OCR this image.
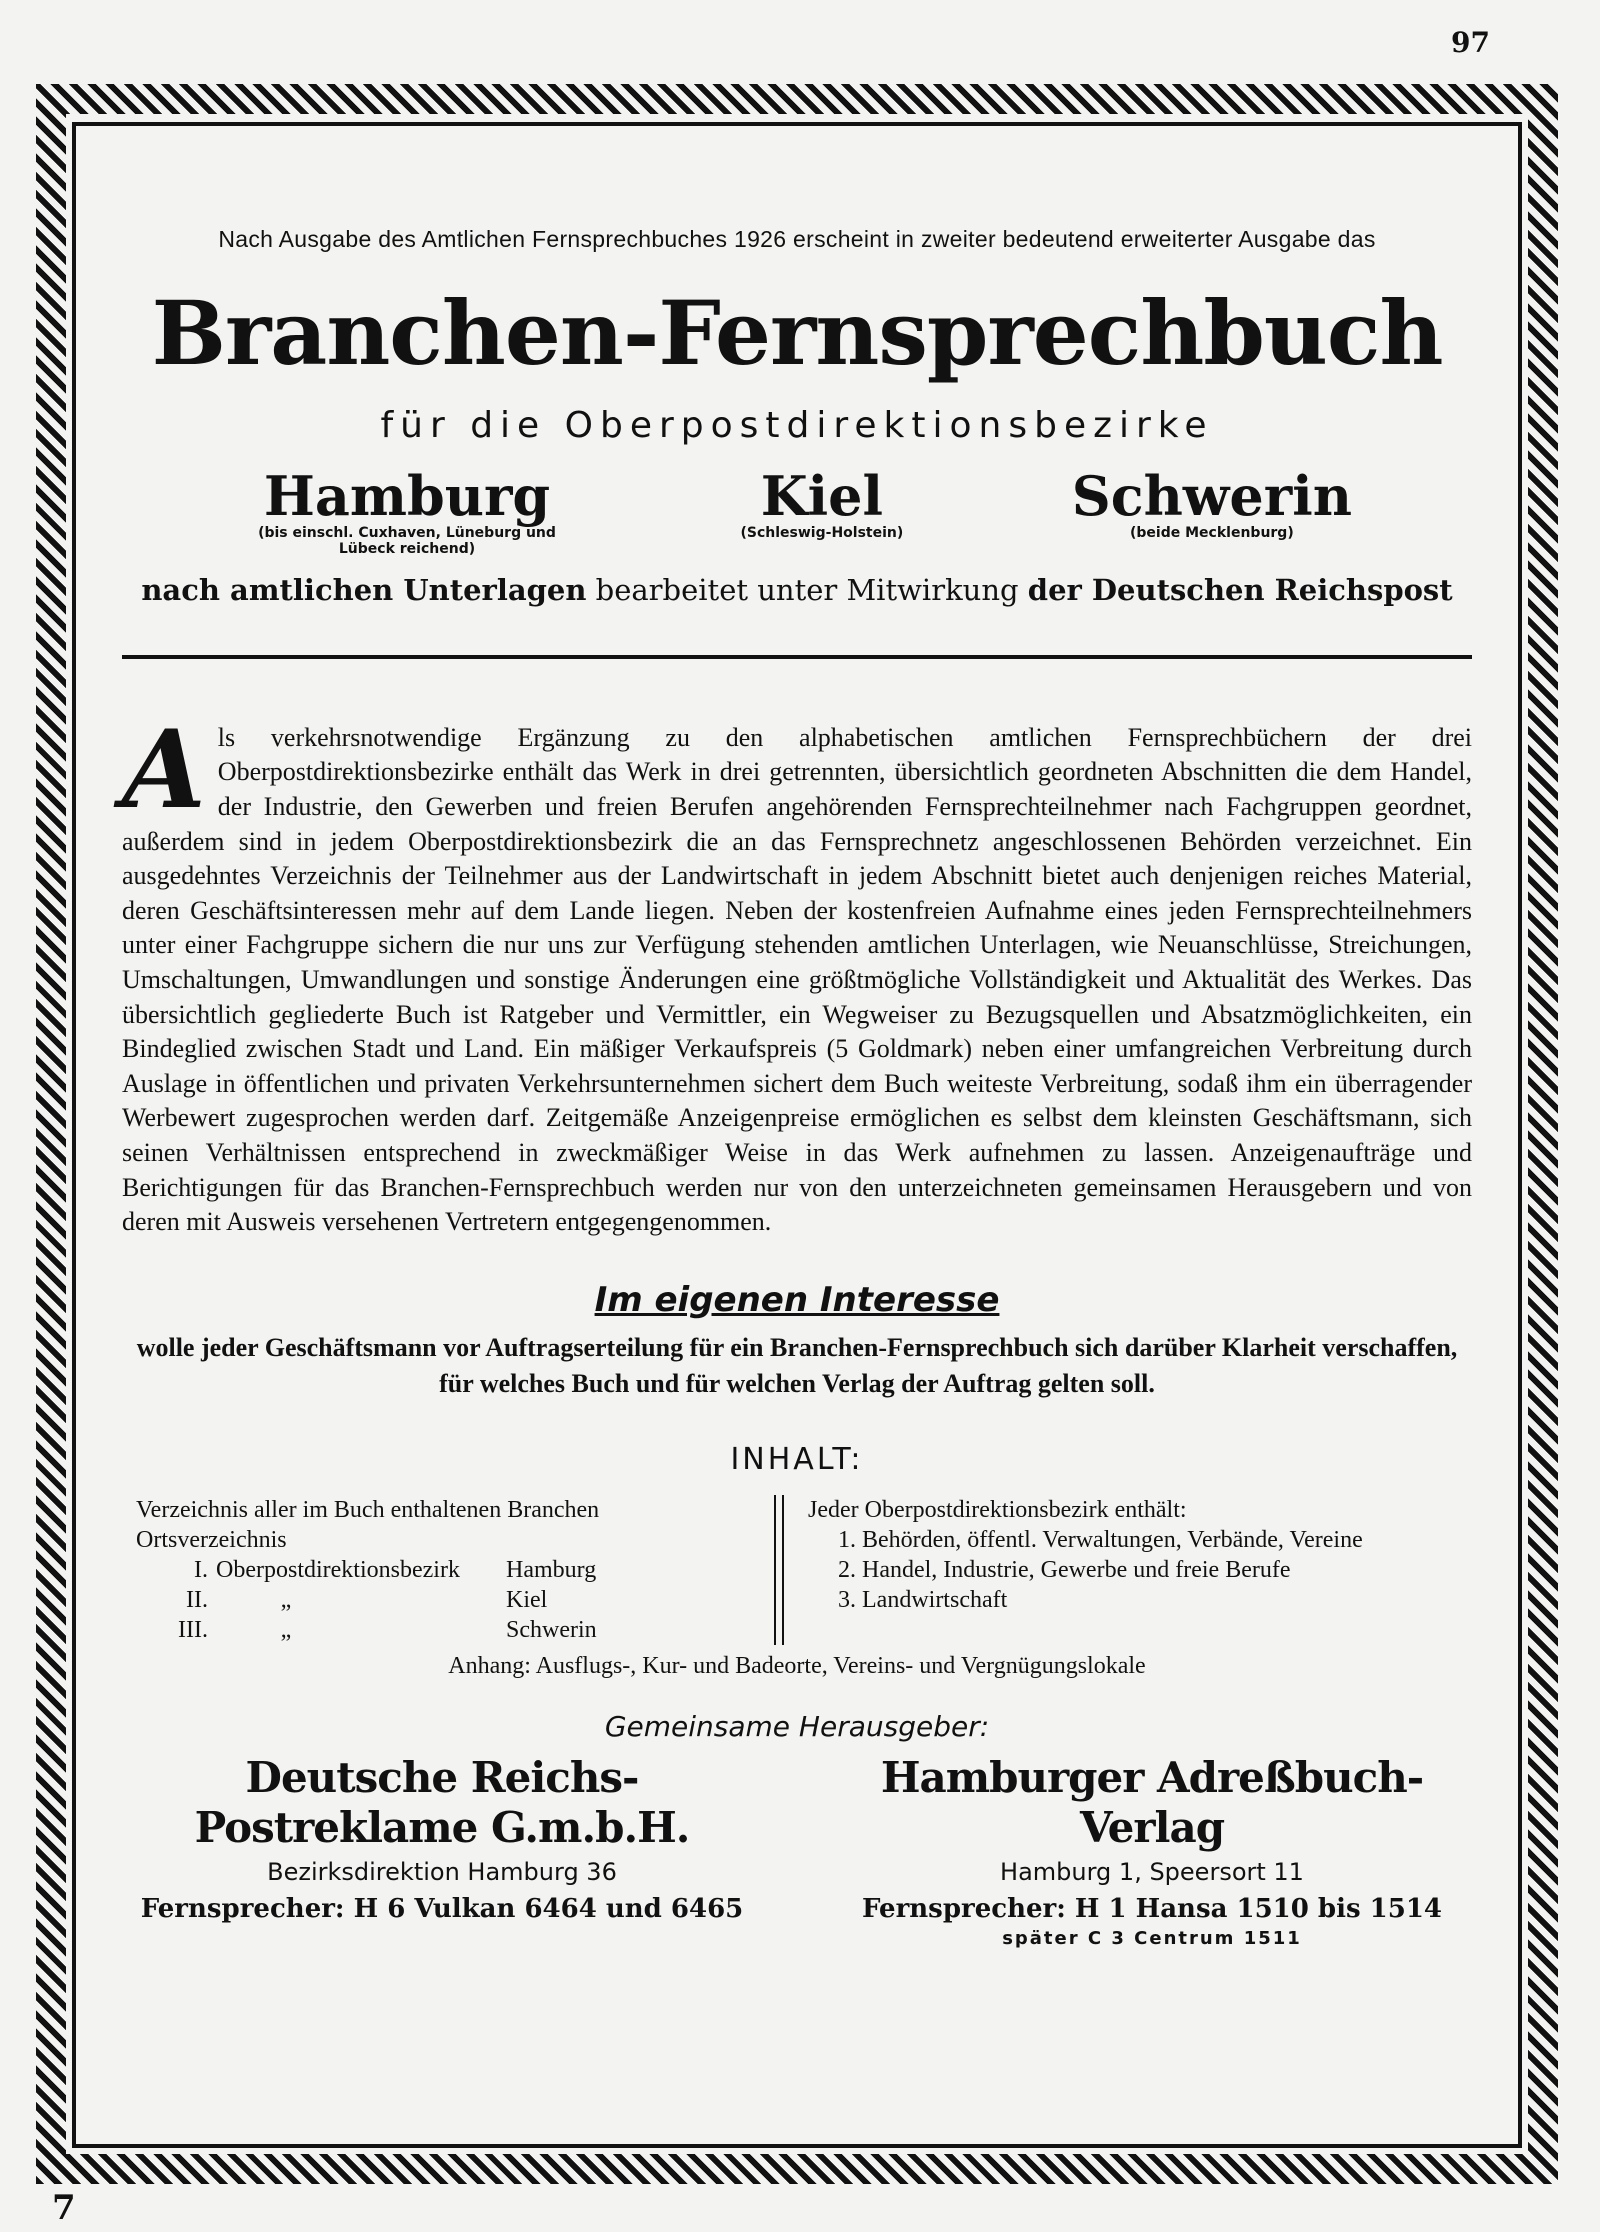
97
Nach Ausgabe des Amtlichen Fernsprechbuches 1926 erscheint in zweiter bedeutend erweiterter Ausgabe das
Branchen-Fernsprechbuch
für die Oberpostdirektionsbezirke
Hamburg
(bis einschl. Cuxhaven, Lüneburg und Lübeck reichend)
Kiel
(Schleswig-Holstein)
Schwerin
(beide Mecklenburg)
nach amtlichen Unterlagen bearbeitet unter Mitwirkung der Deutschen Reichspost
A ls verkehrsnotwendige Ergänzung zu den alphabetischen amtlichen Fernsprechbüchern der drei Oberpostdirektionsbezirke enthält das Werk in drei getrennten, übersichtlich geordneten Abschnitten die dem Handel, der Industrie, den Gewerben und freien Berufen angehörenden Fernsprechteilnehmer nach Fachgruppen geordnet, außerdem sind in jedem Oberpostdirektionsbezirk die an das Fernsprechnetz angeschlossenen Behörden verzeichnet. Ein ausgedehntes Verzeichnis der Teilnehmer aus der Landwirtschaft in jedem Abschnitt bietet auch denjenigen reiches Material, deren Geschäftsinteressen mehr auf dem Lande liegen. Neben der kostenfreien Aufnahme eines jeden Fernsprechteilnehmers unter einer Fachgruppe sichern die nur uns zur Verfügung stehenden amtlichen Unterlagen, wie Neuanschlüsse, Streichungen, Umschaltungen, Umwandlungen und sonstige Änderungen eine größtmögliche Vollständigkeit und Aktualität des Werkes. Das übersichtlich gegliederte Buch ist Ratgeber und Vermittler, ein Wegweiser zu Bezugsquellen und Absatzmöglichkeiten, ein Bindeglied zwischen Stadt und Land. Ein mäßiger Verkaufspreis (5 Goldmark) neben einer umfangreichen Verbreitung durch Auslage in öffentlichen und privaten Verkehrsunternehmen sichert dem Buch weiteste Verbreitung, sodaß ihm ein überragender Werbewert zugesprochen werden darf. Zeitgemäße Anzeigenpreise ermöglichen es selbst dem kleinsten Geschäftsmann, sich seinen Verhältnissen entsprechend in zweckmäßiger Weise in das Werk aufnehmen zu lassen. Anzeigenaufträge und Berichtigungen für das Branchen-Fernsprechbuch werden nur von den unterzeichneten gemeinsamen Herausgebern und von deren mit Ausweis versehenen Vertretern entgegengenommen.
Im eigenen Interesse
wolle jeder Geschäftsmann vor Auftragserteilung für ein Branchen-Fernsprechbuch sich darüber Klarheit verschaffen, für welches Buch und für welchen Verlag der Auftrag gelten soll.
INHALT:
Verzeichnis aller im Buch enthaltenen Branchen
Ortsverzeichnis
I. Oberpostdirektionsbezirk	Hamburg
II.	„	Kiel
III.	„	Schwerin
Jeder Oberpostdirektionsbezirk enthält:
1. Behörden, öffentl. Verwaltungen, Verbände, Vereine
2. Handel, Industrie, Gewerbe und freie Berufe
3. Landwirtschaft
Anhang: Ausflugs-, Kur- und Badeorte, Vereins- und Vergnügungslokale
Gemeinsame Herausgeber:
Deutsche Reichs-Postreklame G.m.b.H.
Bezirksdirektion Hamburg 36
Fernsprecher: H 6 Vulkan 6464 und 6465
Hamburger Adreßbuch-Verlag
Hamburg 1, Speersort 11
Fernsprecher: H 1 Hansa 1510 bis 1514
später C 3 Centrum 1511
7
